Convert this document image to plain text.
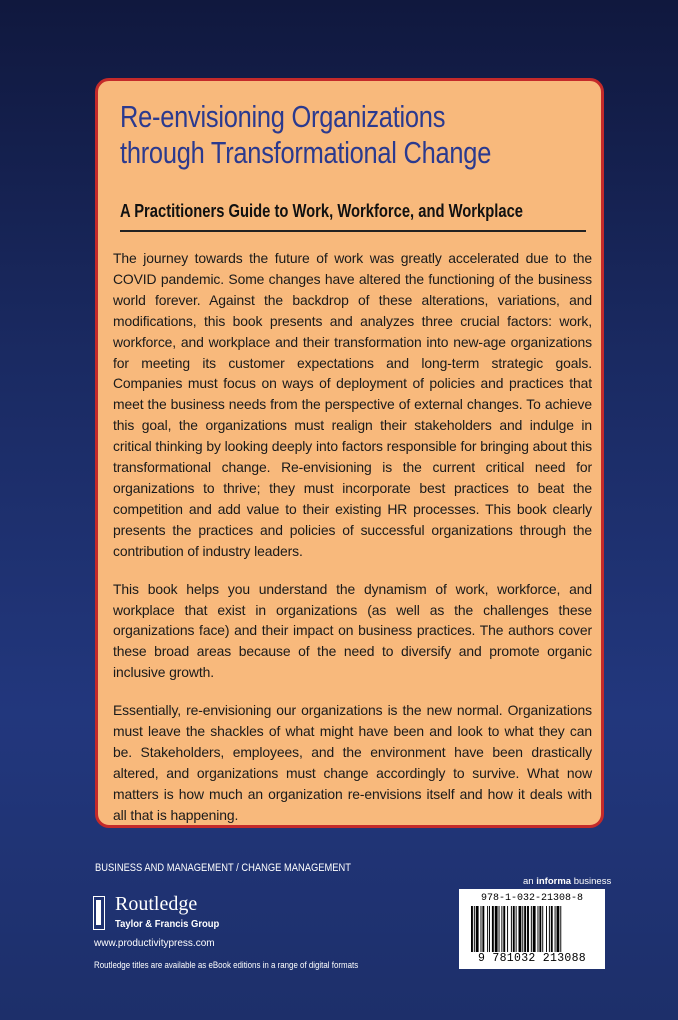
Re-envisioning Organizations
through Transformational Change
A Practitioners Guide to Work, Workforce, and Workplace

The journey towards the future of work was greatly accelerated due to the COVID pandemic. Some changes have altered the functioning of the business world forever. Against the backdrop of these alterations, variations, and modifications, this book presents and analyzes three crucial factors: work, workforce, and workplace and their transformation into new-age organizations for meeting its customer expectations and long-term strategic goals. Companies must focus on ways of deployment of policies and practices that meet the business needs from the perspective of external changes. To achieve this goal, the organizations must realign their stakeholders and indulge in critical thinking by looking deeply into factors responsible for bringing about this transformational change. Re-envisioning is the current critical need for organizations to thrive; they must incorporate best practices to beat the competition and add value to their existing HR processes. This book clearly presents the practices and policies of successful organizations through the contribution of industry leaders.

This book helps you understand the dynamism of work, workforce, and workplace that exist in organizations (as well as the challenges these organizations face) and their impact on business practices. The authors cover these broad areas because of the need to diversify and promote organic inclusive growth.

Essentially, re-envisioning our organizations is the new normal. Organizations must leave the shackles of what might have been and look to what they can be. Stakeholders, employees, and the environment have been drastically altered, and organizations must change accordingly to survive. What now matters is how much an organization re-envisions itself and how it deals with all that is happening.

BUSINESS AND MANAGEMENT / CHANGE MANAGEMENT
Routledge
Taylor & Francis Group
www.productivitypress.com
Routledge titles are available as eBook editions in a range of digital formats
an informa business
978-1-032-21308-8
9 781032 213088
